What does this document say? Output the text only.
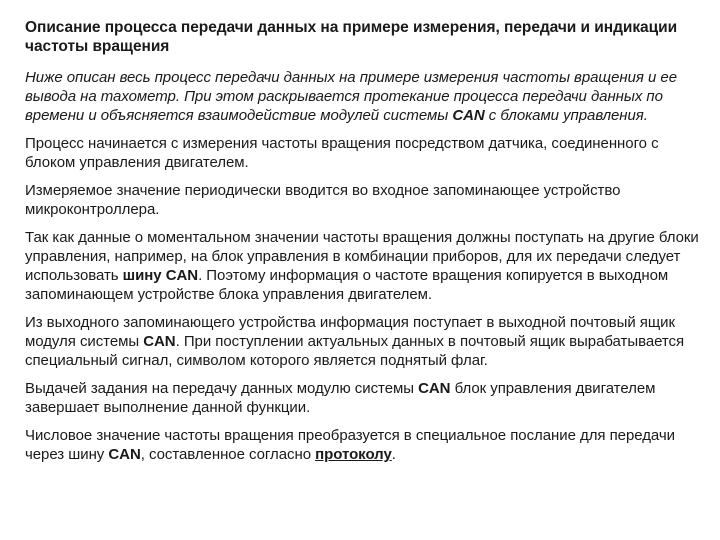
Описание процесса передачи данных на примере измерения, передачи и индикации частоты вращения

Ниже описан весь процесс передачи данных на примере измерения частоты вращения и ее вывода на тахометр. При этом раскрывается протекание процесса передачи данных по времени и объясняется взаимодействие модулей системы CAN с блоками управления.

Процесс начинается с измерения частоты вращения посредством датчика, соединенного с блоком управления двигателем.

Измеряемое значение периодически вводится во входное запоминающее устройство микроконтроллера.

Так как данные о моментальном значении частоты вращения должны поступать на другие блоки управления, например, на блок управления в комбинации приборов, для их передачи следует использовать шину CAN. Поэтому информация о частоте вращения копируется в выходном запоминающем устройстве блока управления двигателем.

Из выходного запоминающего устройства информация поступает в выходной почтовый ящик модуля системы CAN. При поступлении актуальных данных в почтовый ящик вырабатывается специальный сигнал, символом которого является поднятый флаг.

Выдачей задания на передачу данных модулю системы CAN блок управления двигателем завершает выполнение данной функции.

Числовое значение частоты вращения преобразуется в специальное послание для передачи через шину CAN, составленное согласно протоколу.
